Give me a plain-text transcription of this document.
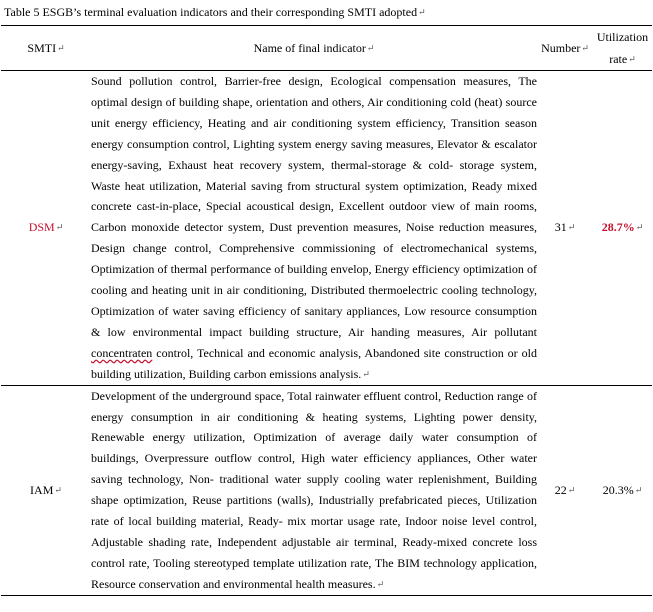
Table 5 ESGB’s terminal evaluation indicators and their corresponding SMTI adopted↵
SMTI↵	Name of final indicator↵	Number↵	Utilization
rate↵

DSM↵	Sound pollution control, Barrier-free design, Ecological compensation measures, The optimal design of building shape, orientation and others, Air conditioning cold (heat) source unit energy efficiency, Heating and air conditioning system efficiency, Transition season energy consumption control, Lighting system energy saving measures, Elevator & escalator energy-saving, Exhaust heat recovery system, thermal-storage & cold- storage system, Waste heat utilization, Material saving from structural system optimization, Ready mixed concrete cast-in-place, Special acoustical design, Excellent outdoor view of main rooms, Carbon monoxide detector system, Dust prevention measures, Noise reduction measures, Design change control, Comprehensive commissioning of electromechanical systems, Optimization of thermal performance of building envelop, Energy efficiency optimization of cooling and heating unit in air conditioning, Distributed thermoelectric cooling technology, Optimization of water saving efficiency of sanitary appliances, Low resource consumption & low environmental impact building structure, Air handing measures, Air pollutant concentraten control, Technical and economic analysis, Abandoned site construction or old building utilization, Building carbon emissions analysis.↵	31↵	28.7%↵
IAM↵	Development of the underground space, Total rainwater effluent control, Reduction range of energy consumption in air conditioning & heating systems, Lighting power density, Renewable energy utilization, Optimization of average daily water consumption of buildings, Overpressure outflow control, High water efficiency appliances, Other water saving technology, Non- traditional water supply cooling water replenishment, Building shape optimization, Reuse partitions (walls), Industrially prefabricated pieces, Utilization rate of local building material, Ready- mix mortar usage rate, Indoor noise level control, Adjustable shading rate, Independent adjustable air terminal, Ready-mixed concrete loss control rate, Tooling stereotyped template utilization rate, The BIM technology application, Resource conservation and environmental health measures.↵	22↵	20.3%↵
